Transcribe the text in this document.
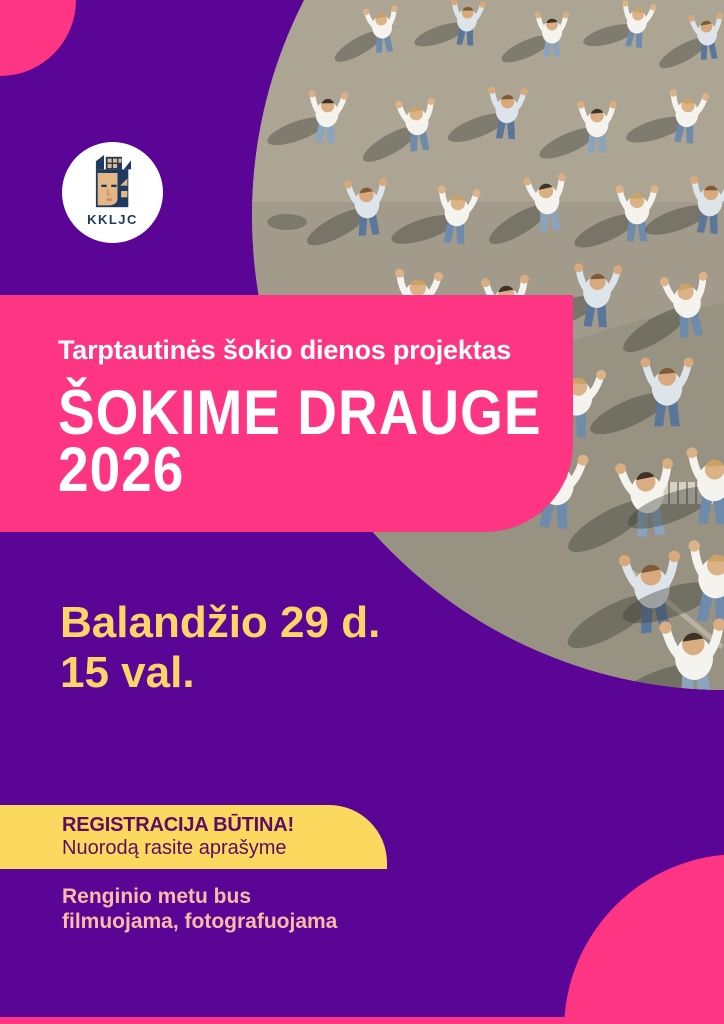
KKLJC
Tarptautinės šokio dienos projektas
ŠOKIME DRAUGE
2026
Balandžio 29 d.
15 val.
REGISTRACIJA BŪTINA!
Nuorodą rasite aprašyme
Renginio metu bus
filmuojama, fotografuojama
